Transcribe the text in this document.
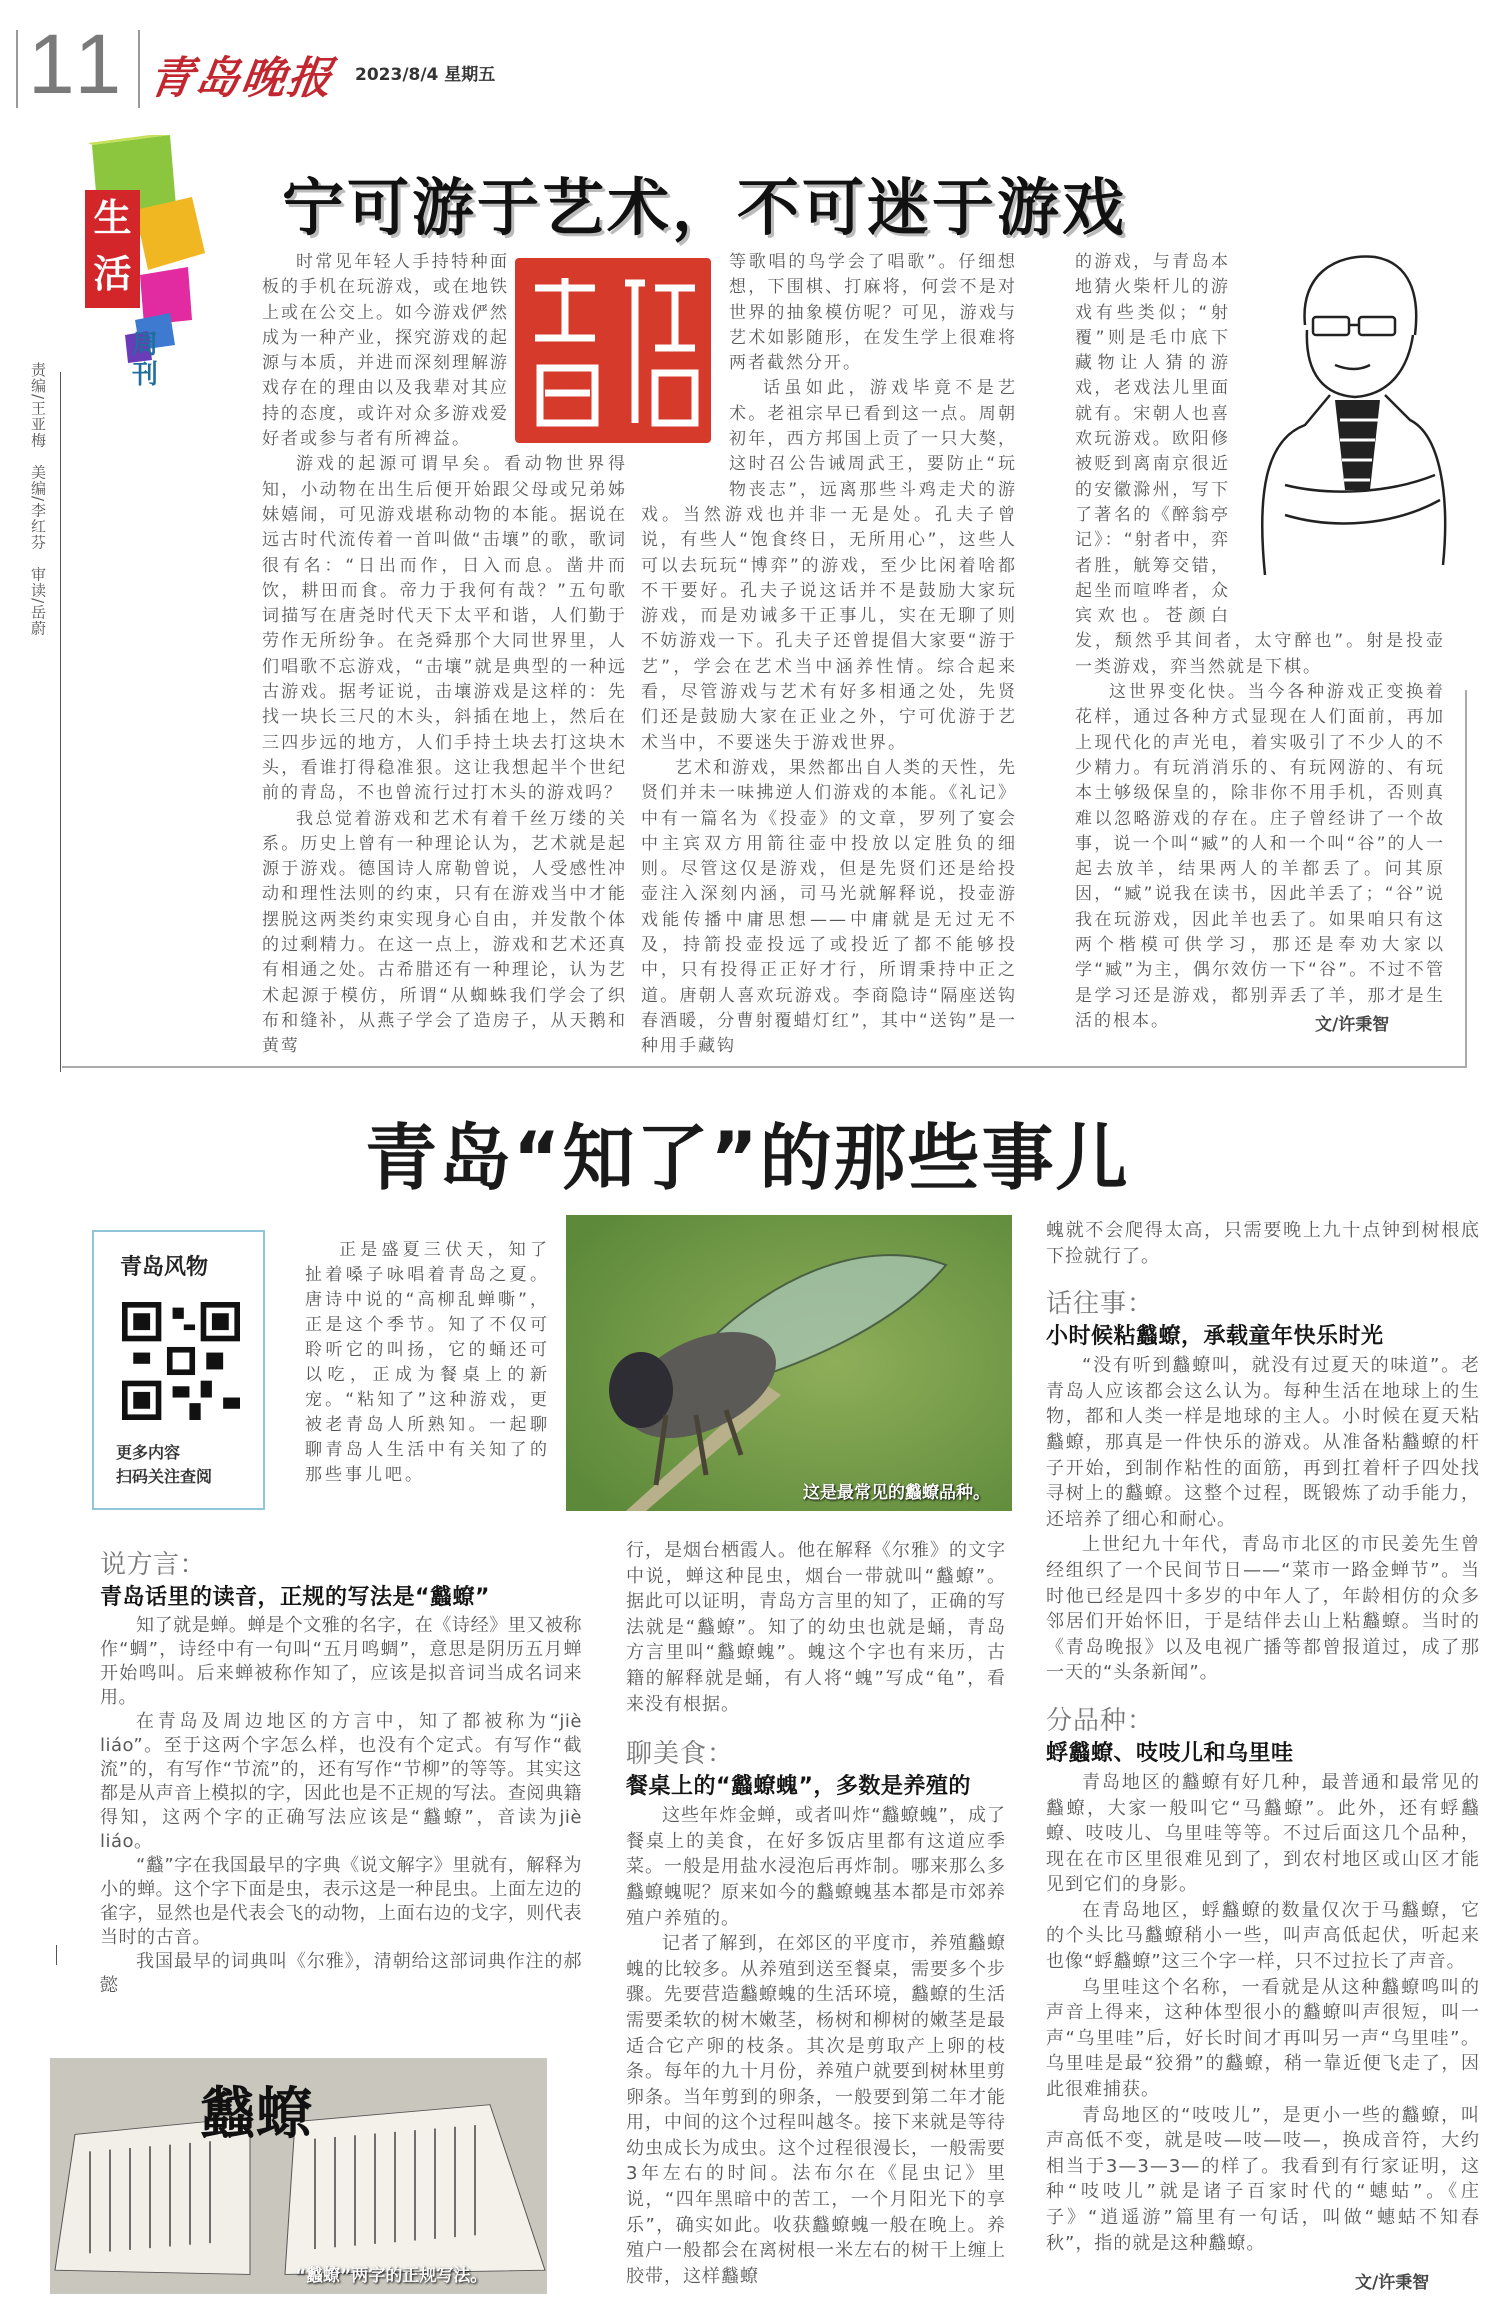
11 青岛晚报 2023/8/4 星期五
生活
周刊
责编/王亚梅　美编/李红芬　审读/岳蔚
宁可游于艺术，不可迷于游戏

时常见年轻人手持特种面板的手机在玩游戏，或在地铁上或在公交上。如今游戏俨然成为一种产业，探究游戏的起源与本质，并进而深刻理解游戏存在的理由以及我辈对其应持的态度，或许对众多游戏爱好者或参与者有所裨益。

游戏的起源可谓早矣。看动物世界得知，小动物在出生后便开始跟父母或兄弟姊妹嬉闹，可见游戏堪称动物的本能。据说在远古时代流传着一首叫做“击壤”的歌，歌词很有名：“日出而作，日入而息。凿井而饮，耕田而食。帝力于我何有哉？”五句歌词描写在唐尧时代天下太平和谐，人们勤于劳作无所纷争。在尧舜那个大同世界里，人们唱歌不忘游戏，“击壤”就是典型的一种远古游戏。据考证说，击壤游戏是这样的：先找一块长三尺的木头，斜插在地上，然后在三四步远的地方，人们手持土块去打这块木头，看谁打得稳准狠。这让我想起半个世纪前的青岛，不也曾流行过打木头的游戏吗？

我总觉着游戏和艺术有着千丝万缕的关系。历史上曾有一种理论认为，艺术就是起源于游戏。德国诗人席勒曾说，人受感性冲动和理性法则的约束，只有在游戏当中才能摆脱这两类约束实现身心自由，并发散个体的过剩精力。在这一点上，游戏和艺术还真有相通之处。古希腊还有一种理论，认为艺术起源于模仿，所谓“从蜘蛛我们学会了织布和缝补，从燕子学会了造房子，从天鹅和黄莺

等歌唱的鸟学会了唱歌”。仔细想想，下围棋、打麻将，何尝不是对世界的抽象模仿呢？可见，游戏与艺术如影随形，在发生学上很难将两者截然分开。

话虽如此，游戏毕竟不是艺术。老祖宗早已看到这一点。周朝初年，西方邦国上贡了一只大獒，这时召公告诫周武王，要防止“玩物丧志”，远离那些斗鸡走犬的游戏。当然游戏也并非一无是处。孔夫子曾说，有些人“饱食终日，无所用心”，这些人可以去玩玩“博弈”的游戏，至少比闲着啥都不干要好。孔夫子说这话并不是鼓励大家玩游戏，而是劝诫多干正事儿，实在无聊了则不妨游戏一下。孔夫子还曾提倡大家要“游于艺”，学会在艺术当中涵养性情。综合起来看，尽管游戏与艺术有好多相通之处，先贤们还是鼓励大家在正业之外，宁可优游于艺术当中，不要迷失于游戏世界。

艺术和游戏，果然都出自人类的天性，先贤们并未一味拂逆人们游戏的本能。《礼记》中有一篇名为《投壶》的文章，罗列了宴会中主宾双方用箭往壶中投放以定胜负的细则。尽管这仅是游戏，但是先贤们还是给投壶注入深刻内涵，司马光就解释说，投壶游戏能传播中庸思想——中庸就是无过无不及，持箭投壶投远了或投近了都不能够投中，只有投得正正好才行，所谓秉持中正之道。唐朝人喜欢玩游戏。李商隐诗“隔座送钩春酒暖，分曹射覆蜡灯红”，其中“送钩”是一种用手藏钩

的游戏，与青岛本地猜火柴杆儿的游戏有些类似；“射覆”则是毛巾底下藏物让人猜的游戏，老戏法儿里面就有。宋朝人也喜欢玩游戏。欧阳修被贬到离南京很近的安徽滁州，写下了著名的《醉翁亭记》：“射者中，弈者胜，觥筹交错，起坐而喧哗者，众宾欢也。苍颜白发，颓然乎其间者，太守醉也”。射是投壶一类游戏，弈当然就是下棋。

这世界变化快。当今各种游戏正变换着花样，通过各种方式显现在人们面前，再加上现代化的声光电，着实吸引了不少人的不少精力。有玩消消乐的、有玩网游的、有玩本土够级保皇的，除非你不用手机，否则真难以忽略游戏的存在。庄子曾经讲了一个故事，说一个叫“臧”的人和一个叫“谷”的人一起去放羊，结果两人的羊都丢了。问其原因，“臧”说我在读书，因此羊丢了；“谷”说我在玩游戏，因此羊也丢了。如果咱只有这两个楷模可供学习，那还是奉劝大家以学“臧”为主，偶尔效仿一下“谷”。不过不管是学习还是游戏，都别弄丢了羊，那才是生活的根本。	文/许秉智
青岛“知了”的那些事儿
青岛风物
更多内容
扫码关注查阅

正是盛夏三伏天，知了扯着嗓子咏唱着青岛之夏。唐诗中说的“高柳乱蝉嘶”，正是这个季节。知了不仅可聆听它的叫扬，它的蛹还可以吃，正成为餐桌上的新宠。“粘知了”这种游戏，更被老青岛人所熟知。一起聊聊青岛人生活中有关知了的那些事儿吧。

这是最常见的蠽蟟品种。

说方言：

青岛话里的读音，正规的写法是“蠽蟟”

知了就是蝉。蝉是个文雅的名字，在《诗经》里又被称作“蜩”，诗经中有一句叫“五月鸣蜩”，意思是阴历五月蝉开始鸣叫。后来蝉被称作知了，应该是拟音词当成名词来用。

在青岛及周边地区的方言中，知了都被称为“jiè liáo”。至于这两个字怎么样，也没有个定式。有写作“截流”的，有写作“节流”的，还有写作“节柳”的等等。其实这都是从声音上模拟的字，因此也是不正规的写法。查阅典籍得知，这两个字的正确写法应该是“蠽蟟”，音读为jiè liáo。

“蠽”字在我国最早的字典《说文解字》里就有，解释为小的蝉。这个字下面是虫，表示这是一种昆虫。上面左边的雀字，显然也是代表会飞的动物，上面右边的戈字，则代表当时的古音。

我国最早的词典叫《尔雅》，清朝给这部词典作注的郝懿

蠽蟟
“蠽蟟”两字的正规写法。

行，是烟台栖霞人。他在解释《尔雅》的文字中说，蝉这种昆虫，烟台一带就叫“蠽蟟”。据此可以证明，青岛方言里的知了，正确的写法就是“蠽蟟”。知了的幼虫也就是蛹，青岛方言里叫“蠽蟟螝”。螝这个字也有来历，古籍的解释就是蛹，有人将“螝”写成“龟”，看来没有根据。

聊美食：

餐桌上的“蠽蟟螝”，多数是养殖的

这些年炸金蝉，或者叫炸“蠽蟟螝”，成了餐桌上的美食，在好多饭店里都有这道应季菜。一般是用盐水浸泡后再炸制。哪来那么多蠽蟟螝呢？原来如今的蠽蟟螝基本都是市郊养殖户养殖的。

记者了解到，在郊区的平度市，养殖蠽蟟螝的比较多。从养殖到送至餐桌，需要多个步骤。先要营造蠽蟟螝的生活环境，蠽蟟的生活需要柔软的树木嫩茎，杨树和柳树的嫩茎是最适合它产卵的枝条。其次是剪取产上卵的枝条。每年的九十月份，养殖户就要到树林里剪卵条。当年剪到的卵条，一般要到第二年才能用，中间的这个过程叫越冬。接下来就是等待幼虫成长为成虫。这个过程很漫长，一般需要3年左右的时间。法布尔在《昆虫记》里说，“四年黑暗中的苦工，一个月阳光下的享乐”，确实如此。收获蠽蟟螝一般在晚上。养殖户一般都会在离树根一米左右的树干上缠上胶带，这样蠽蟟

螝就不会爬得太高，只需要晚上九十点钟到树根底下捡就行了。

话往事：

小时候粘蠽蟟，承载童年快乐时光

“没有听到蠽蟟叫，就没有过夏天的味道”。老青岛人应该都会这么认为。每种生活在地球上的生物，都和人类一样是地球的主人。小时候在夏天粘蠽蟟，那真是一件快乐的游戏。从准备粘蠽蟟的杆子开始，到制作粘性的面筋，再到扛着杆子四处找寻树上的蠽蟟。这整个过程，既锻炼了动手能力，还培养了细心和耐心。

上世纪九十年代，青岛市北区的市民姜先生曾经组织了一个民间节日——“菜市一路金蝉节”。当时他已经是四十多岁的中年人了，年龄相仿的众多邻居们开始怀旧，于是结伴去山上粘蠽蟟。当时的《青岛晚报》以及电视广播等都曾报道过，成了那一天的“头条新闻”。

分品种：

蜉蠽蟟、吱吱儿和乌里哇

青岛地区的蠽蟟有好几种，最普通和最常见的蠽蟟，大家一般叫它“马蠽蟟”。此外，还有蜉蠽蟟、吱吱儿、乌里哇等等。不过后面这几个品种，现在在市区里很难见到了，到农村地区或山区才能见到它们的身影。

在青岛地区，蜉蠽蟟的数量仅次于马蠽蟟，它的个头比马蠽蟟稍小一些，叫声高低起伏，听起来也像“蜉蠽蟟”这三个字一样，只不过拉长了声音。

乌里哇这个名称，一看就是从这种蠽蟟鸣叫的声音上得来，这种体型很小的蠽蟟叫声很短，叫一声“乌里哇”后，好长时间才再叫另一声“乌里哇”。乌里哇是最“狡猾”的蠽蟟，稍一靠近便飞走了，因此很难捕获。

青岛地区的“吱吱儿”，是更小一些的蠽蟟，叫声高低不变，就是吱—吱—吱—，换成音符，大约相当于3—3—3—的样了。我看到有行家证明，这种“吱吱儿”就是诸子百家时代的“蟪蛄”。《庄子》“逍遥游”篇里有一句话，叫做“蟪蛄不知春秋”，指的就是这种蠽蟟。

文/许秉智
